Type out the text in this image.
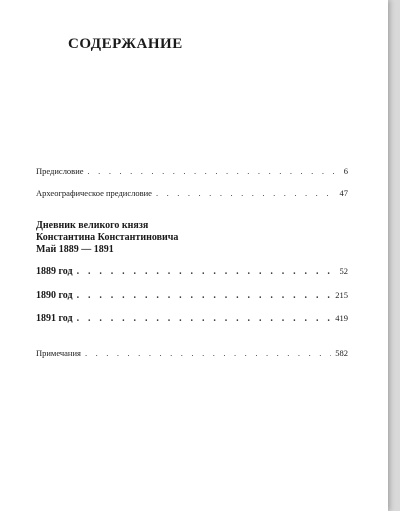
СОДЕРЖАНИЕ
Предисловие . . .	6
Археографическое предисловие . . .	47
Дневник великого князя
Константина Константиновича
Май 1889 — 1891
1889 год . . .	52
1890 год . . .	215
1891 год . . .	419
Примечания . . .	582
